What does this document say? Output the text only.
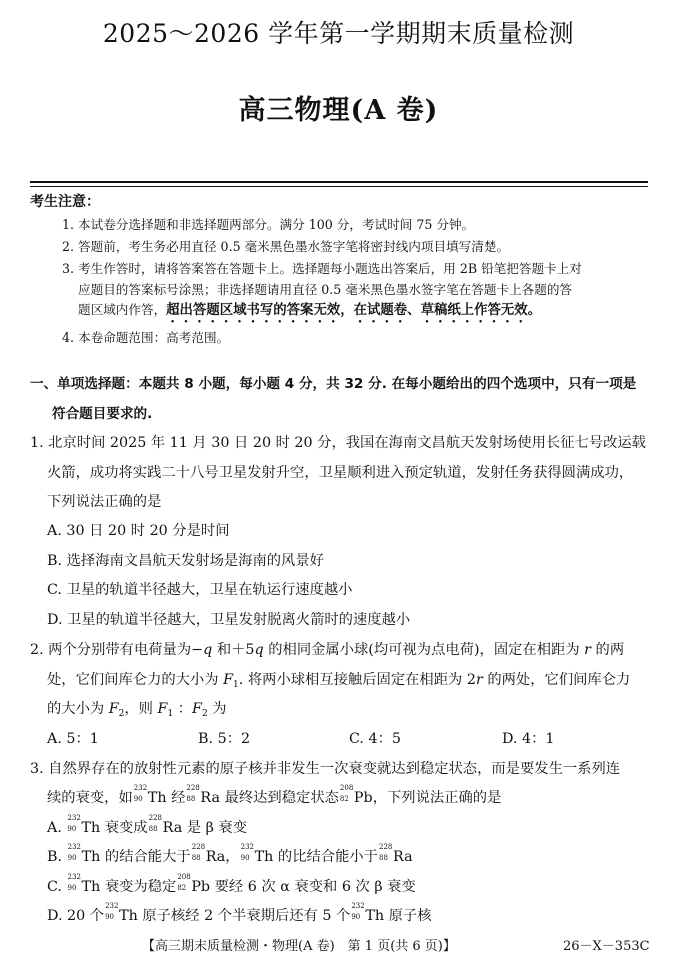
2025～2026 学年第一学期期末质量检测
高三物理(A 卷)
考生注意：
1. 本试卷分选择题和非选择题两部分。满分 100 分，考试时间 75 分钟。
2. 答题前，考生务必用直径 0.5 毫米黑色墨水签字笔将密封线内项目填写清楚。
3. 考生作答时，请将答案答在答题卡上。选择题每小题选出答案后，用 2B 铅笔把答题卡上对
应题目的答案标号涂黑；非选择题请用直径 0.5 毫米黑色墨水签字笔在答题卡上各题的答
题区域内作答，超出答题区域书写的答案无效，在试题卷、草稿纸上作答无效。
4. 本卷命题范围：高考范围。
一、单项选择题：本题共 8 小题，每小题 4 分，共 32 分. 在每小题给出的四个选项中，只有一项是
符合题目要求的.
1. 北京时间 2025 年 11 月 30 日 20 时 20 分，我国在海南文昌航天发射场使用长征七号改运载
火箭，成功将实践二十八号卫星发射升空，卫星顺利进入预定轨道，发射任务获得圆满成功，
下列说法正确的是
A. 30 日 20 时 20 分是时间
B. 选择海南文昌航天发射场是海南的风景好
C. 卫星的轨道半径越大，卫星在轨运行速度越小
D. 卫星的轨道半径越大，卫星发射脱离火箭时的速度越小
2. 两个分别带有电荷量为−q 和＋5q 的相同金属小球(均可视为点电荷)，固定在相距为 r 的两
处，它们间库仑力的大小为 $F_1$. 将两小球相互接触后固定在相距为 2r 的两处，它们间库仑力
的大小为 $F_2$，则 $F_1$ ：$F_2$ 为
A. 5：1	B. 5：2	C. 4：5	D. 4：1
3. 自然界存在的放射性元素的原子核并非发生一次衰变就达到稳定状态，而是要发生一系列连
续的衰变，如
232
90 Th 经
228
88 Ra 最终达到稳定状态
208
82 Pb，下列说法正确的是
A.
232
90 Th 衰变成
228
88 Ra 是 β 衰变
B.
232
90 Th 的结合能大于
228
88 Ra，
232
90 Th 的比结合能小于
228
88 Ra
C.
232
90 Th 衰变为稳定
208
82 Pb 要经 6 次 α 衰变和 6 次 β 衰变
D. 20 个
232
90 Th 原子核经 2 个半衰期后还有 5 个
232
90 Th 原子核
【高三期末质量检测・物理(A 卷)　第 1 页(共 6 页)】	26－X－353C
